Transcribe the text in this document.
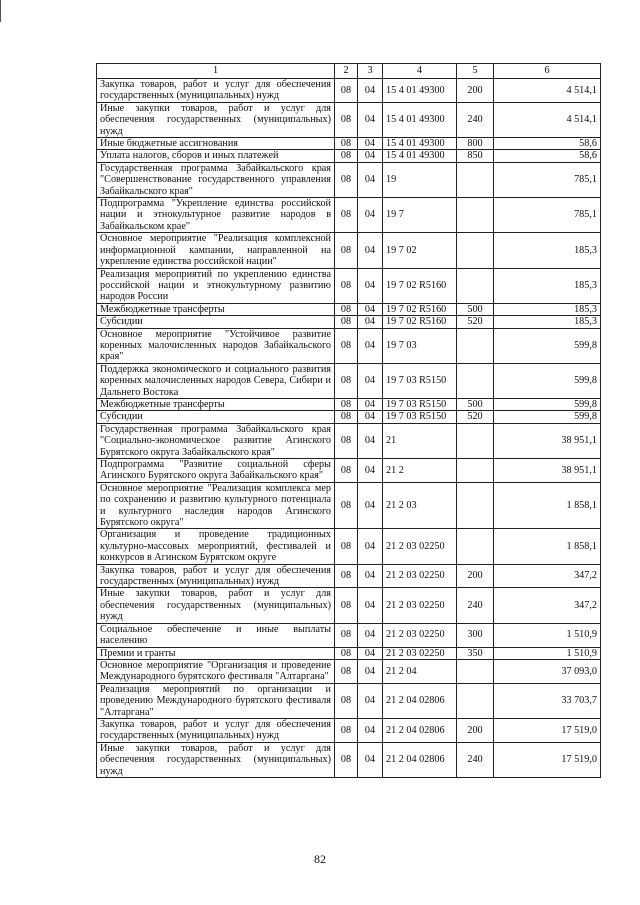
1	2	3	4	5	6
Закупка товаров, работ и услуг для обеспечения государственных (муниципальных) нужд	08	04	15 4 01 49300	200	4 514,1
Иные закупки товаров, работ и услуг для обеспечения государственных (муниципальных) нужд	08	04	15 4 01 49300	240	4 514,1
Иные бюджетные ассигнования	08	04	15 4 01 49300	800	58,6
Уплата налогов, сборов и иных платежей	08	04	15 4 01 49300	850	58,6
Государственная программа Забайкальского края "Совершенствование государственного управления Забайкальского края"	08	04	19		785,1
Подпрограмма "Укрепление единства российской нации и этнокультурное развитие народов в Забайкальском крае"	08	04	19 7		785,1
Основное мероприятие "Реализация комплексной информационной кампании, направленной на укрепление единства российской нации"	08	04	19 7 02		185,3
Реализация мероприятий по укреплению единства российской нации и этнокультурному развитию народов России	08	04	19 7 02 R5160		185,3
Межбюджетные трансферты	08	04	19 7 02 R5160	500	185,3
Субсидии	08	04	19 7 02 R5160	520	185,3
Основное мероприятие "Устойчивое развитие коренных малочисленных народов Забайкальского края"	08	04	19 7 03		599,8
Поддержка экономического и социального развития коренных малочисленных народов Севера, Сибири и Дальнего Востока	08	04	19 7 03 R5150		599,8
Межбюджетные трансферты	08	04	19 7 03 R5150	500	599,8
Субсидии	08	04	19 7 03 R5150	520	599,8
Государственная программа Забайкальского края "Социально-экономическое развитие Агинского Бурятского округа Забайкальского края"	08	04	21		38 951,1
Подпрограмма "Развитие социальной сферы Агинского Бурятского округа Забайкальского края"	08	04	21 2		38 951,1
Основное мероприятие "Реализация комплекса мер по сохранению и развитию культурного потенциала и культурного наследия народов Агинского Бурятского округа"	08	04	21 2 03		1 858,1
Организация и проведение традиционных культурно-массовых мероприятий, фестивалей и конкурсов в Агинском Бурятском округе	08	04	21 2 03 02250		1 858,1
Закупка товаров, работ и услуг для обеспечения государственных (муниципальных) нужд	08	04	21 2 03 02250	200	347,2
Иные закупки товаров, работ и услуг для обеспечения государственных (муниципальных) нужд	08	04	21 2 03 02250	240	347,2
Социальное обеспечение и иные выплаты населению	08	04	21 2 03 02250	300	1 510,9
Премии и гранты	08	04	21 2 03 02250	350	1 510,9
Основное мероприятие "Организация и проведение Международного бурятского фестиваля "Алтаргана"	08	04	21 2 04		37 093,0
Реализация мероприятий по организации и проведению Международного бурятского фестиваля "Алтаргана"	08	04	21 2 04 02806		33 703,7
Закупка товаров, работ и услуг для обеспечения государственных (муниципальных) нужд	08	04	21 2 04 02806	200	17 519,0
Иные закупки товаров, работ и услуг для обеспечения государственных (муниципальных) нужд	08	04	21 2 04 02806	240	17 519,0
82
